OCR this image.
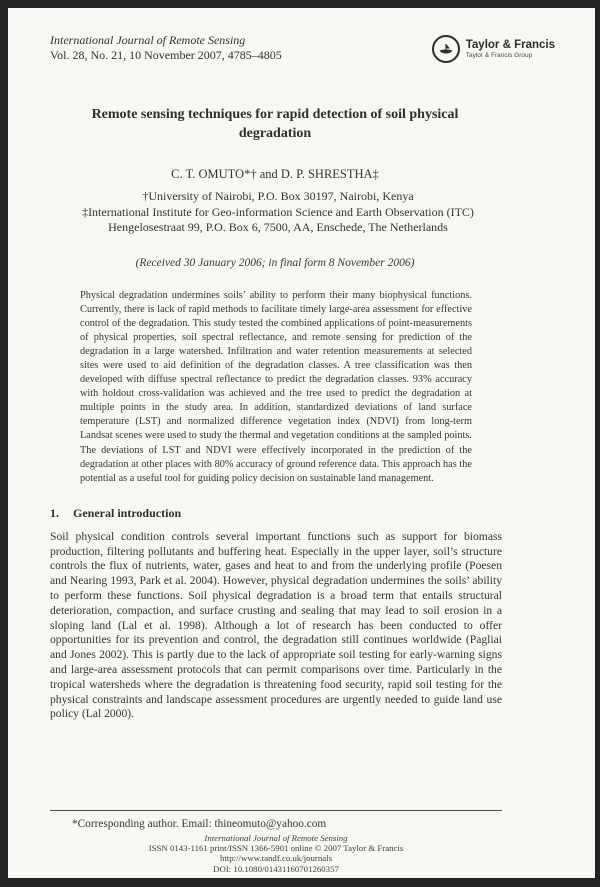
International Journal of Remote Sensing
Vol. 28, No. 21, 10 November 2007, 4785–4805
Taylor & Francis
Taylor & Francis Group
Remote sensing techniques for rapid detection of soil physical
degradation
C. T. OMUTO*† and D. P. SHRESTHA‡
†University of Nairobi, P.O. Box 30197, Nairobi, Kenya
‡International Institute for Geo-information Science and Earth Observation (ITC)
Hengelosestraat 99, P.O. Box 6, 7500, AA, Enschede, The Netherlands
(Received 30 January 2006; in final form 8 November 2006)
Physical degradation undermines soils’ ability to perform their many biophysical functions. Currently, there is lack of rapid methods to facilitate timely large-area assessment for effective control of the degradation. This study tested the combined applications of point-measurements of physical properties, soil spectral reflectance, and remote sensing for prediction of the degradation in a large watershed. Infiltration and water retention measurements at selected sites were used to aid definition of the degradation classes. A tree classification was then developed with diffuse spectral reflectance to predict the degradation classes. 93% accuracy with holdout cross-validation was achieved and the tree used to predict the degradation at multiple points in the study area. In addition, standardized deviations of land surface temperature (LST) and normalized difference vegetation index (NDVI) from long-term Landsat scenes were used to study the thermal and vegetation conditions at the sampled points. The deviations of LST and NDVI were effectively incorporated in the prediction of the degradation at other places with 80% accuracy of ground reference data. This approach has the potential as a useful tool for guiding policy decision on sustainable land management.
1. General introduction
Soil physical condition controls several important functions such as support for biomass production, filtering pollutants and buffering heat. Especially in the upper layer, soil’s structure controls the flux of nutrients, water, gases and heat to and from the underlying profile (Poesen and Nearing 1993, Park et al. 2004). However, physical degradation undermines the soils’ ability to perform these functions. Soil physical degradation is a broad term that entails structural deterioration, compaction, and surface crusting and sealing that may lead to soil erosion in a sloping land (Lal et al. 1998). Although a lot of research has been conducted to offer opportunities for its prevention and control, the degradation still continues worldwide (Pagliai and Jones 2002). This is partly due to the lack of appropriate soil testing for early-warning signs and large-area assessment protocols that can permit comparisons over time. Particularly in the tropical watersheds where the degradation is threatening food security, rapid soil testing for the physical constraints and landscape assessment procedures are urgently needed to guide land use policy (Lal 2000).
*Corresponding author. Email: thineomuto@yahoo.com
International Journal of Remote Sensing
ISSN 0143-1161 print/ISSN 1366-5901 online © 2007 Taylor & Francis
http://www.tandf.co.uk/journals
DOI: 10.1080/01431160701260357
